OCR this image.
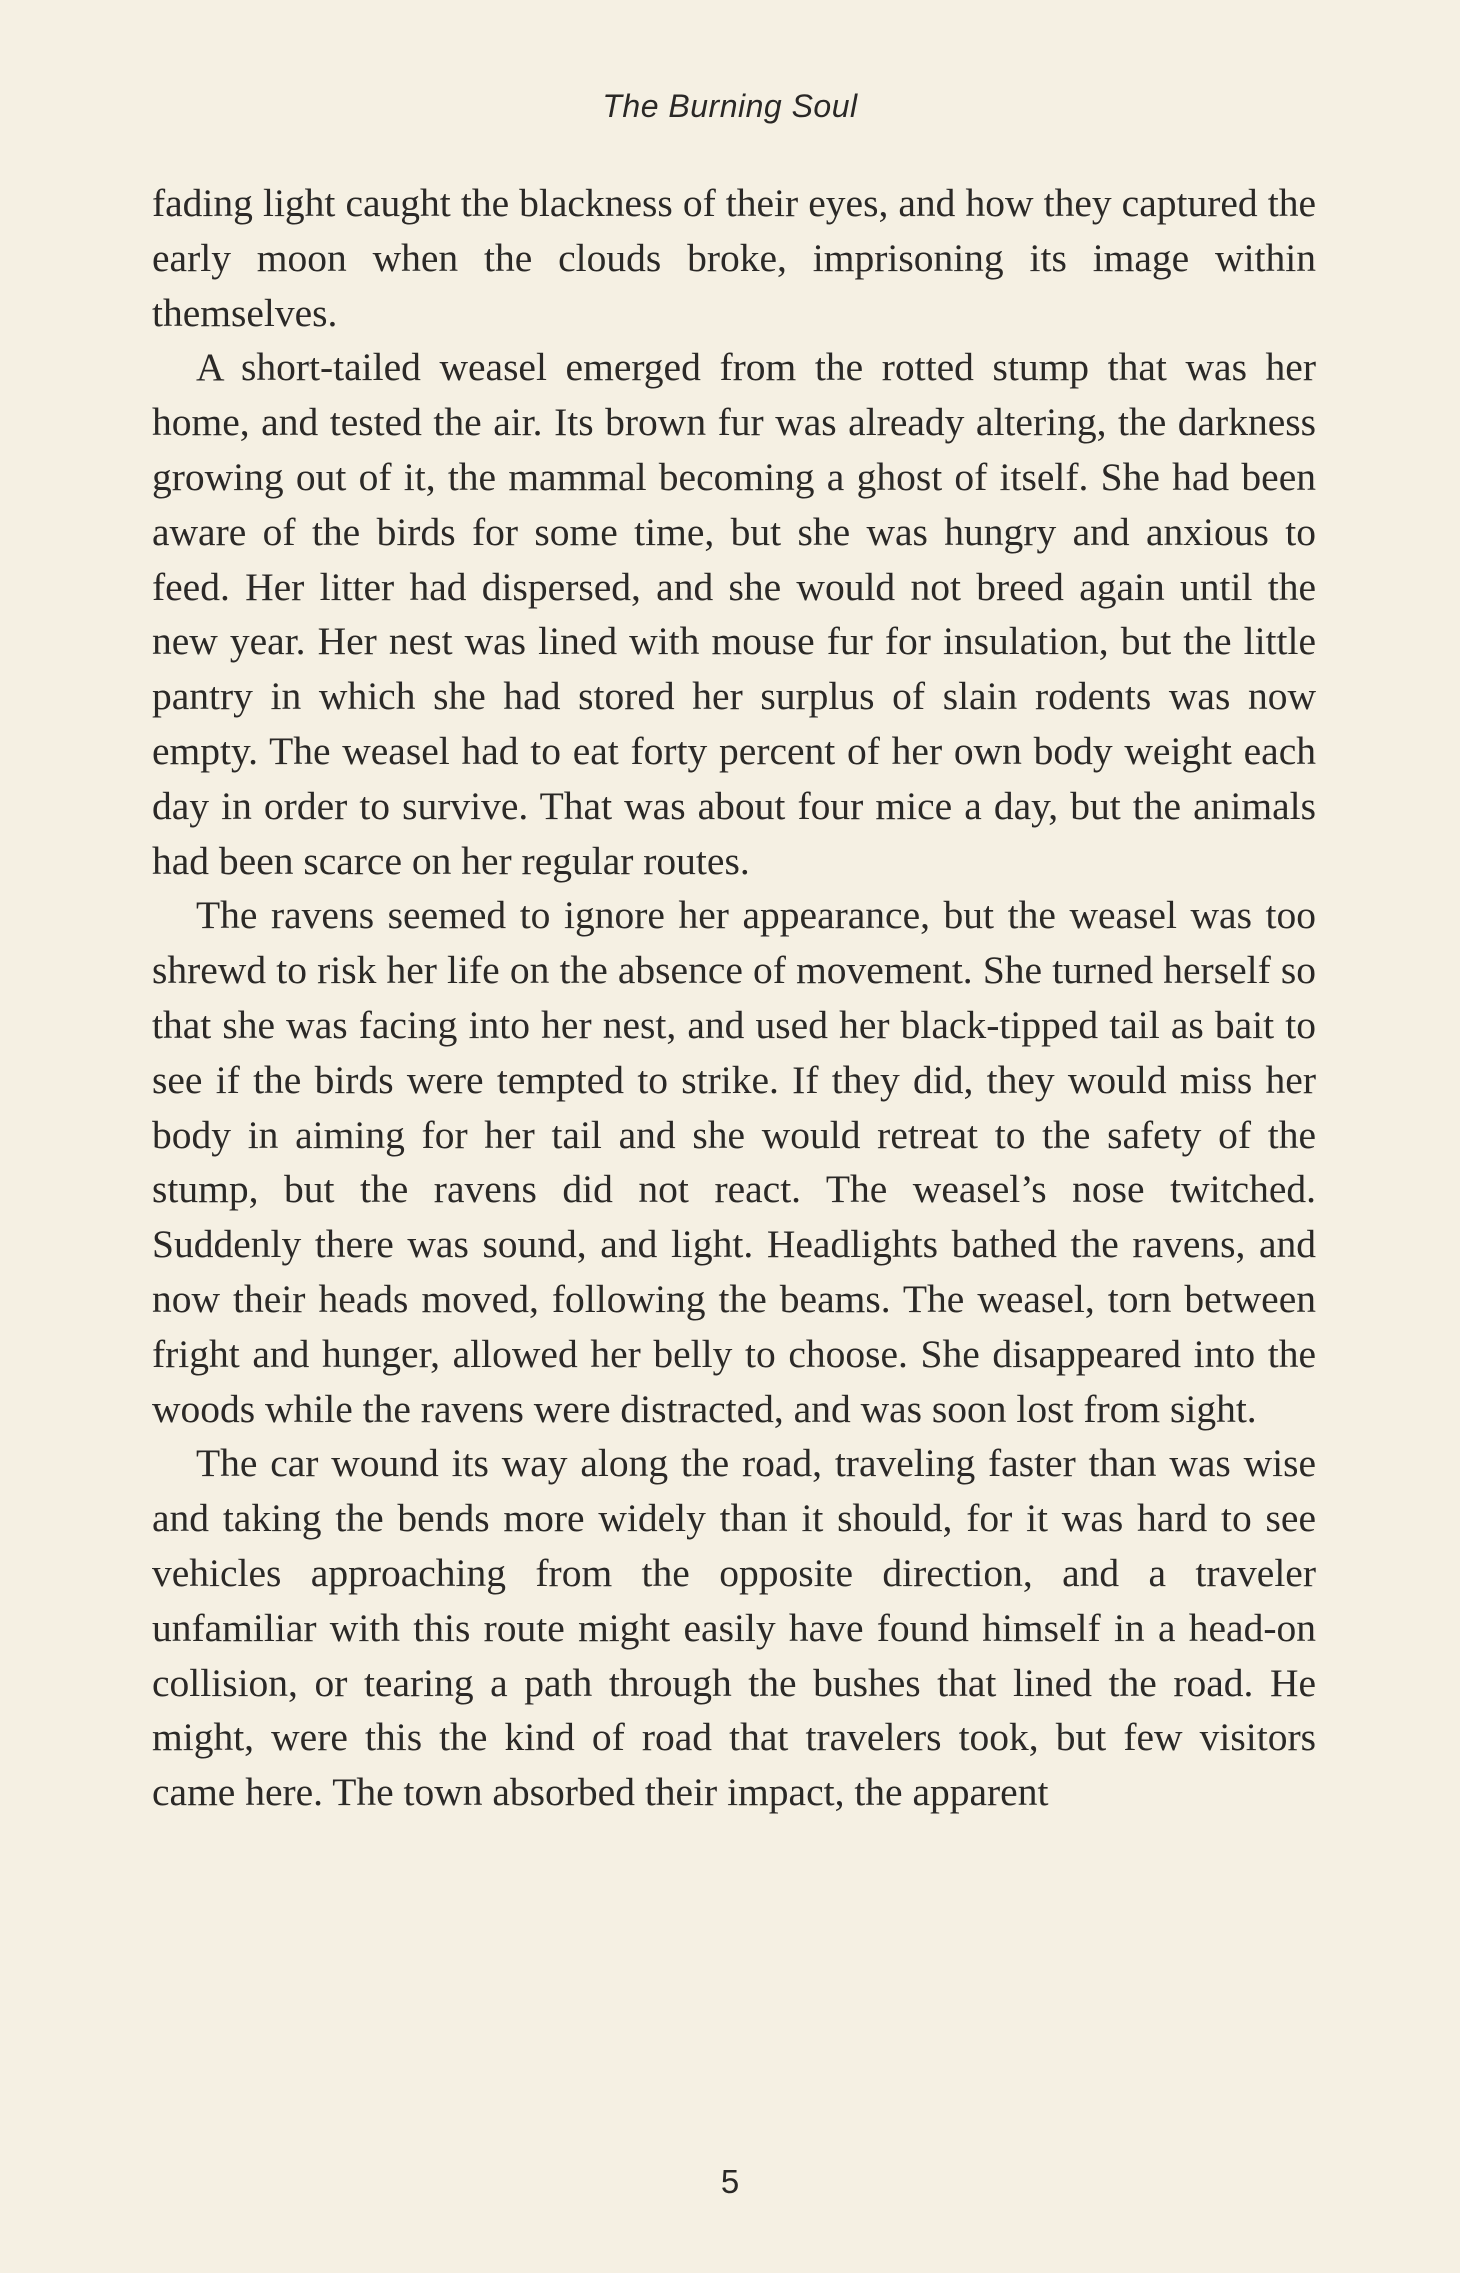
The Burning Soul

fading light caught the blackness of their eyes, and how they captured the early moon when the clouds broke, imprisoning its image within themselves.

A short-tailed weasel emerged from the rotted stump that was her home, and tested the air. Its brown fur was already altering, the darkness growing out of it, the mammal becoming a ghost of itself. She had been aware of the birds for some time, but she was hungry and anxious to feed. Her litter had dispersed, and she would not breed again until the new year. Her nest was lined with mouse fur for insulation, but the little pantry in which she had stored her surplus of slain rodents was now empty. The weasel had to eat forty percent of her own body weight each day in order to survive. That was about four mice a day, but the animals had been scarce on her regular routes.

The ravens seemed to ignore her appearance, but the weasel was too shrewd to risk her life on the absence of movement. She turned herself so that she was facing into her nest, and used her black-tipped tail as bait to see if the birds were tempted to strike. If they did, they would miss her body in aiming for her tail and she would retreat to the safety of the stump, but the ravens did not react. The weasel’s nose twitched. Suddenly there was sound, and light. Headlights bathed the ravens, and now their heads moved, following the beams. The weasel, torn between fright and hunger, allowed her belly to choose. She disappeared into the woods while the ravens were distracted, and was soon lost from sight.

The car wound its way along the road, traveling faster than was wise and taking the bends more widely than it should, for it was hard to see vehicles approaching from the opposite direction, and a traveler unfamiliar with this route might easily have found himself in a head-on collision, or tearing a path through the bushes that lined the road. He might, were this the kind of road that travelers took, but few visitors came here. The town absorbed their impact, the apparent

5
